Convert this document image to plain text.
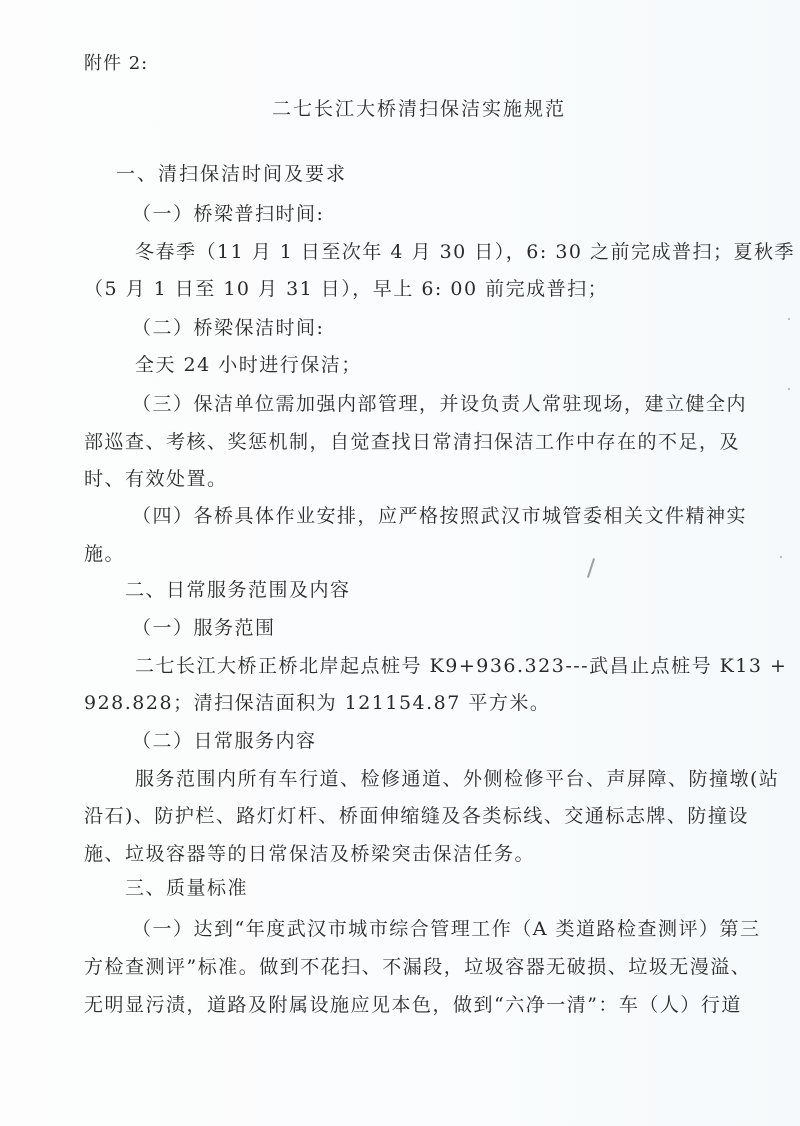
附件 2:
二七长江大桥清扫保洁实施规范
一、清扫保洁时间及要求
（一）桥梁普扫时间:
冬春季（11 月 1 日至次年 4 月 30 日），6: 30 之前完成普扫；夏秋季
（5 月 1 日至 10 月 31 日），早上 6: 00 前完成普扫；
（二）桥梁保洁时间:
全天 24 小时进行保洁；
（三）保洁单位需加强内部管理，并设负责人常驻现场，建立健全内
部巡查、考核、奖惩机制，自觉查找日常清扫保洁工作中存在的不足，及
时、有效处置。
（四）各桥具体作业安排，应严格按照武汉市城管委相关文件精神实
施。
二、日常服务范围及内容
（一）服务范围
二七长江大桥正桥北岸起点桩号 K9+936.323---武昌止点桩号 K13 +
928.828；清扫保洁面积为 121154.87 平方米。
（二）日常服务内容
服务范围内所有车行道、检修通道、外侧检修平台、声屏障、防撞墩(站
沿石)、防护栏、路灯灯杆、桥面伸缩缝及各类标线、交通标志牌、防撞设
施、垃圾容器等的日常保洁及桥梁突击保洁任务。
三、质量标准
（一）达到“年度武汉市城市综合管理工作（A 类道路检查测评）第三
方检查测评”标准。做到不花扫、不漏段，垃圾容器无破损、垃圾无漫溢、
无明显污渍，道路及附属设施应见本色，做到“六净一清”：车（人）行道
